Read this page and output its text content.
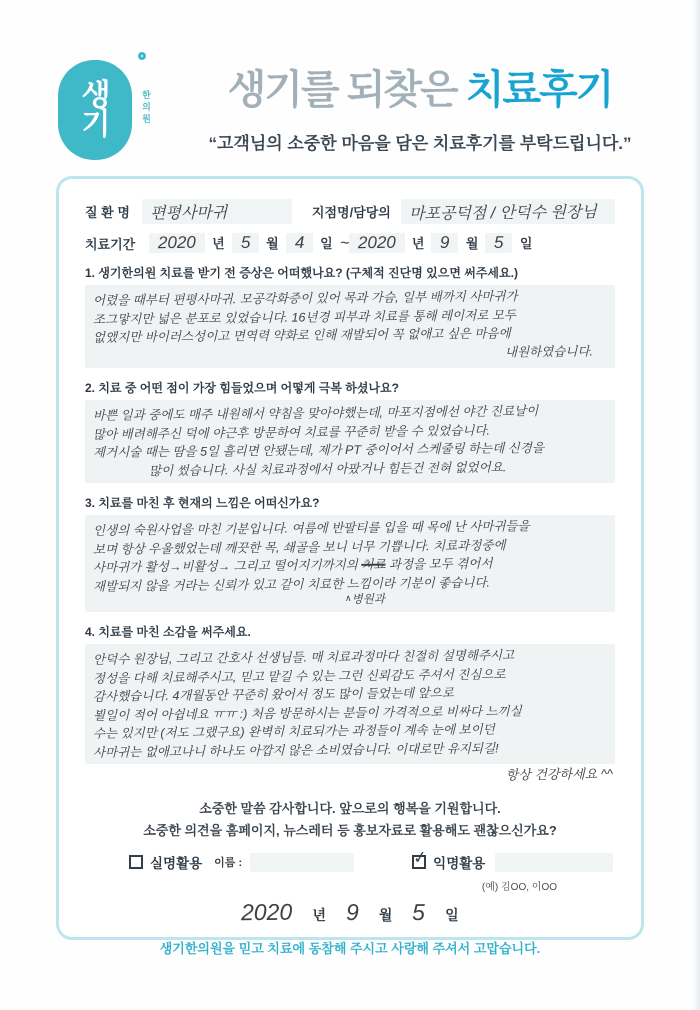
생
기	한의원	생기를 되찾은 치료후기
“고객님의 소중한 마음을 담은 치료후기를 부탁드립니다.”
질 환 명 편평사마귀	지점명/담당의 마포공덕점 / 안덕수 원장님
치료기간	2020	년 5	월 4	일 ~ 2020	년 9	월 5	일
1. 생기한의원 치료를 받기 전 증상은 어떠했나요? (구체적 진단명 있으면 써주세요.)
어렸을 때부터 편평사마귀. 모공각화증이 있어 목과 가슴, 일부 배까지 사마귀가
조그맣지만 넓은 분포로 있었습니다. 16년경 피부과 치료를 통해 레이저로 모두
없앴지만 바이러스성이고 면역력 약화로 인해 재발되어 꼭 없애고 싶은 마음에
내원하였습니다.
2. 치료 중 어떤 점이 가장 힘들었으며 어떻게 극복 하셨나요?
바쁜 일과 중에도 매주 내원해서 약침을 맞아야했는데, 마포지점에선 야간 진료날이
많아 배려해주신 덕에 야근후 방문하여 치료를 꾸준히 받을 수 있었습니다.
제거시술 때는 땀을 5일 흘리면 안됐는데, 제가 PT 중이어서 스케줄링 하는데 신경을
많이 썼습니다. 사실 치료과정에서 아팠거나 힘든건 전혀 없었어요.
3. 치료를 마친 후 현재의 느낌은 어떠신가요?
인생의 숙원사업을 마친 기분입니다. 여름에 반팔티를 입을 때 목에 난 사마귀들을
보며 항상 우울했었는데 깨끗한 목, 쇄골을 보니 너무 기쁩니다. 치료과정중에
사마귀가 활성→비활성→ 그리고 떨어지기까지의 치료 과정을 모두 겪어서
재발되지 않을 거라는 신뢰가 있고 같이 치료한 느낌이라 기분이 좋습니다.
∧병원과
4. 치료를 마친 소감을 써주세요.
안덕수 원장님, 그리고 간호사 선생님들. 매 치료과정마다 친절히 설명해주시고
정성을 다해 치료해주시고, 믿고 맡길 수 있는 그런 신뢰감도 주셔서 진심으로
감사했습니다. 4개월동안 꾸준히 왔어서 정도 많이 들었는데 앞으로
뵐일이 적어 아쉽네요 ㅠㅠ :) 처음 방문하시는 분들이 가격적으로 비싸다 느끼실
수는 있지만 (저도 그랬구요) 완벽히 치료되가는 과정들이 계속 눈에 보이던
사마귀는 없애고나니 하나도 아깝지 않은 소비였습니다. 이대로만 유지되길!
항상 건강하세요 ^^
소중한 말씀 감사합니다. 앞으로의 행복을 기원합니다.
소중한 의견을 홈페이지, 뉴스레터 등 홍보자료로 활용해도 괜찮으신가요?
실명활용 이름 :	✓ 익명활용
(예) 김OO, 이OO
2020	년 9	월 5	일
생기한의원을 믿고 치료에 동참해 주시고 사랑해 주셔서 고맙습니다.
